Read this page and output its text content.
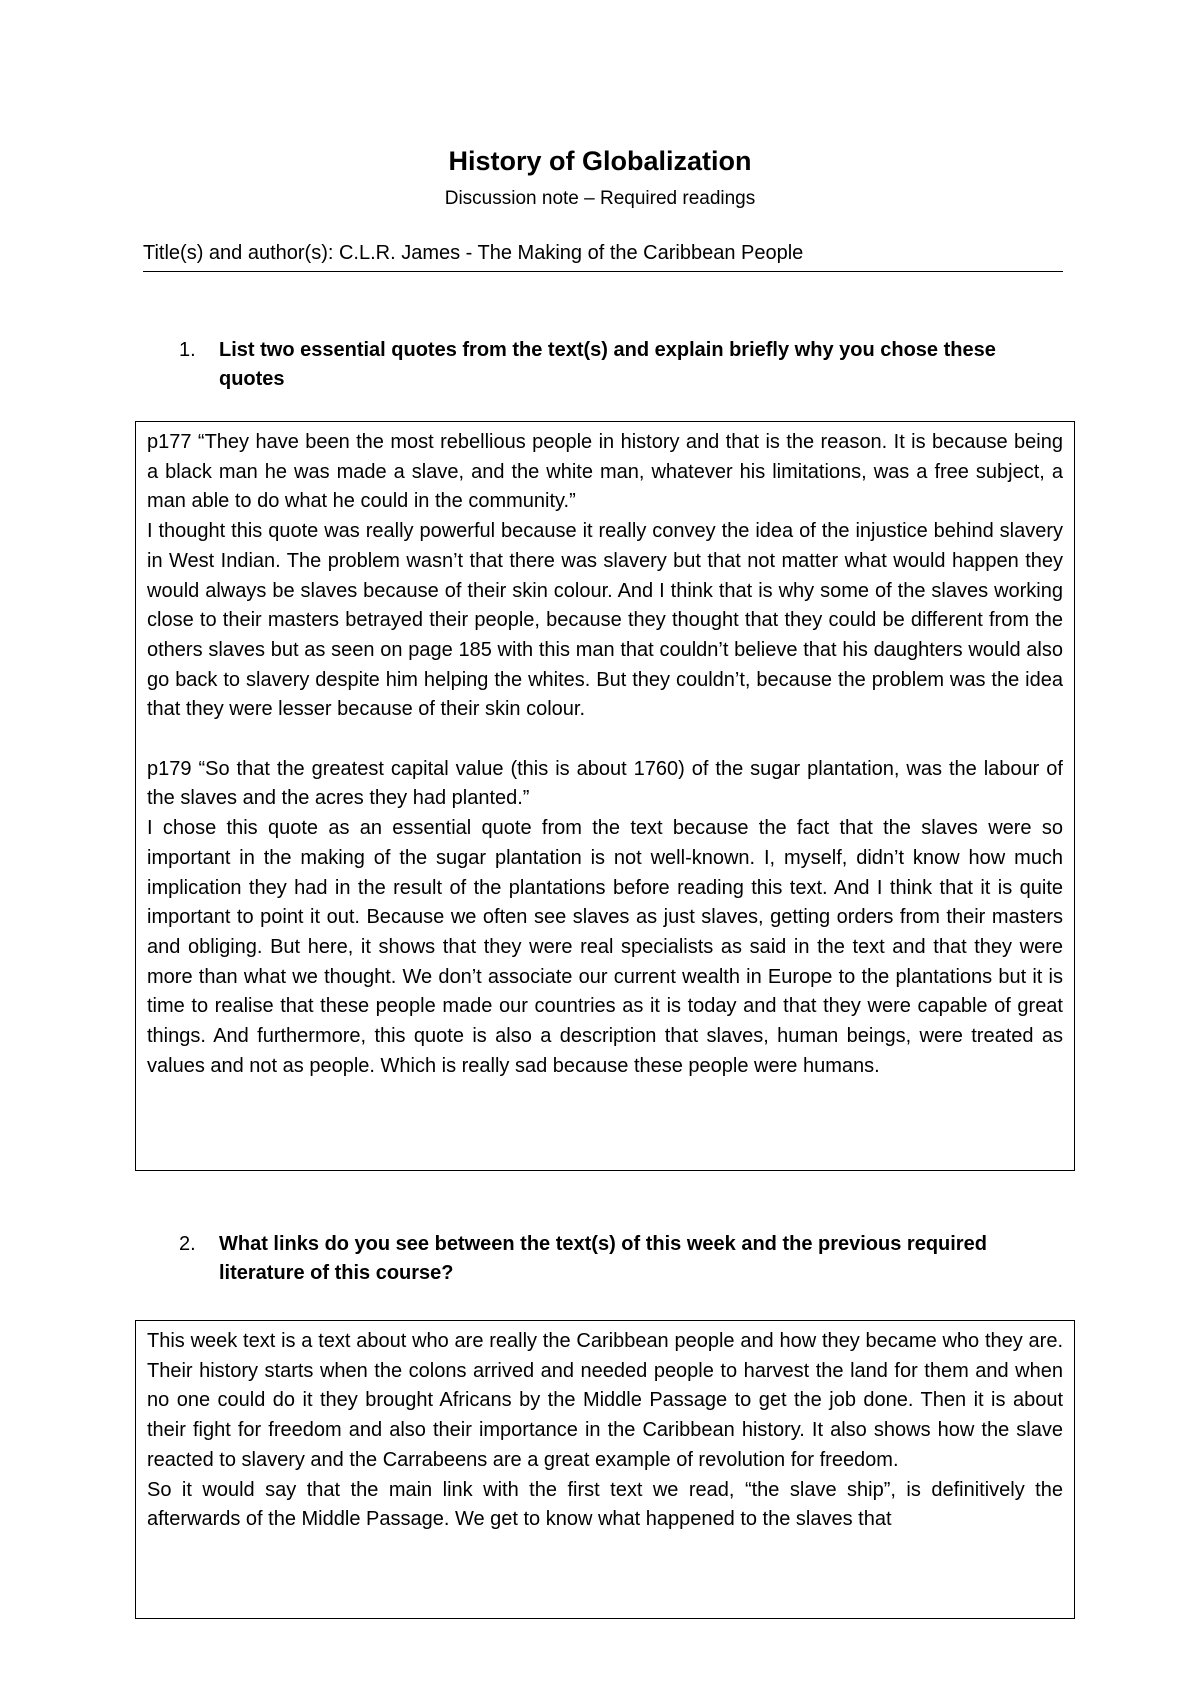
History of Globalization
Discussion note – Required readings
Title(s) and author(s): C.L.R. James - The Making of the Caribbean People
1. List two essential quotes from the text(s) and explain briefly why you chose these quotes

p177 “They have been the most rebellious people in history and that is the reason. It is because being a black man he was made a slave, and the white man, whatever his limitations, was a free subject, a man able to do what he could in the community.”

I thought this quote was really powerful because it really convey the idea of the injustice behind slavery in West Indian. The problem wasn’t that there was slavery but that not matter what would happen they would always be slaves because of their skin colour. And I think that is why some of the slaves working close to their masters betrayed their people, because they thought that they could be different from the others slaves but as seen on page 185 with this man that couldn’t believe that his daughters would also go back to slavery despite him helping the whites. But they couldn’t, because the problem was the idea that they were lesser because of their skin colour.

p179 “So that the greatest capital value (this is about 1760) of the sugar plantation, was the labour of the slaves and the acres they had planted.”

I chose this quote as an essential quote from the text because the fact that the slaves were so important in the making of the sugar plantation is not well-known. I, myself, didn’t know how much implication they had in the result of the plantations before reading this text. And I think that it is quite important to point it out. Because we often see slaves as just slaves, getting orders from their masters and obliging. But here, it shows that they were real specialists as said in the text and that they were more than what we thought. We don’t associate our current wealth in Europe to the plantations but it is time to realise that these people made our countries as it is today and that they were capable of great things. And furthermore, this quote is also a description that slaves, human beings, were treated as values and not as people. Which is really sad because these people were humans.

2. What links do you see between the text(s) of this week and the previous required literature of this course?

This week text is a text about who are really the Caribbean people and how they became who they are. Their history starts when the colons arrived and needed people to harvest the land for them and when no one could do it they brought Africans by the Middle Passage to get the job done. Then it is about their fight for freedom and also their importance in the Caribbean history. It also shows how the slave reacted to slavery and the Carrabeens are a great example of revolution for freedom.

So it would say that the main link with the first text we read, “the slave ship”, is definitively the afterwards of the Middle Passage. We get to know what happened to the slaves that
